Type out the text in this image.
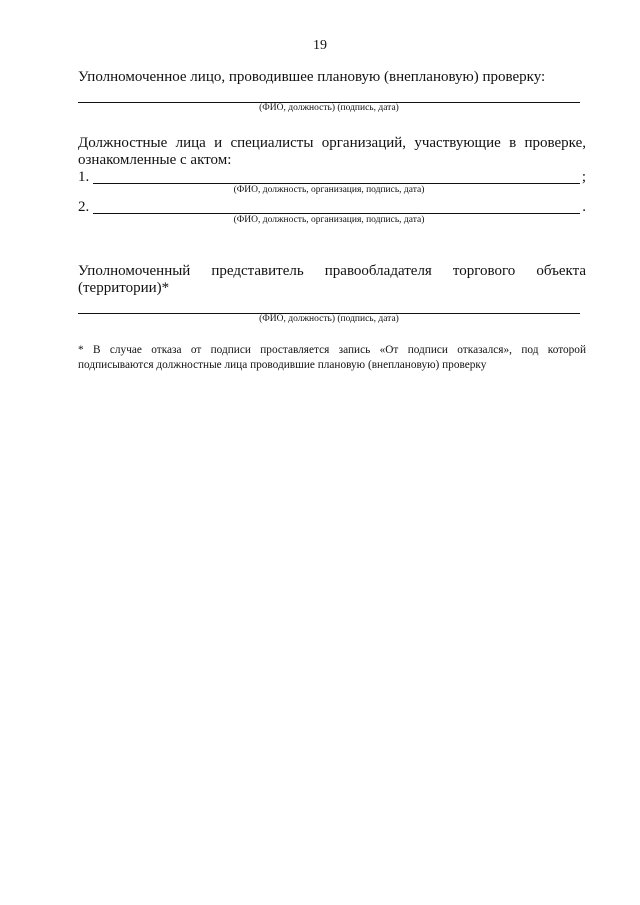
19
Уполномоченное лицо, проводившее плановую (внеплановую) проверку:
(ФИО, должность) (подпись, дата)
Должностные лица и специалисты организаций, участвующие в проверке,
ознакомленные с актом:
1.	;
(ФИО, должность, организация, подпись, дата)
2.	.
(ФИО, должность, организация, подпись, дата)
Уполномоченный представитель правообладателя торгового объекта
(территории)*
(ФИО, должность) (подпись, дата)
* В случае отказа от подписи проставляется запись «От подписи отказался», под которой
подписываются должностные лица проводившие плановую (внеплановую) проверку
